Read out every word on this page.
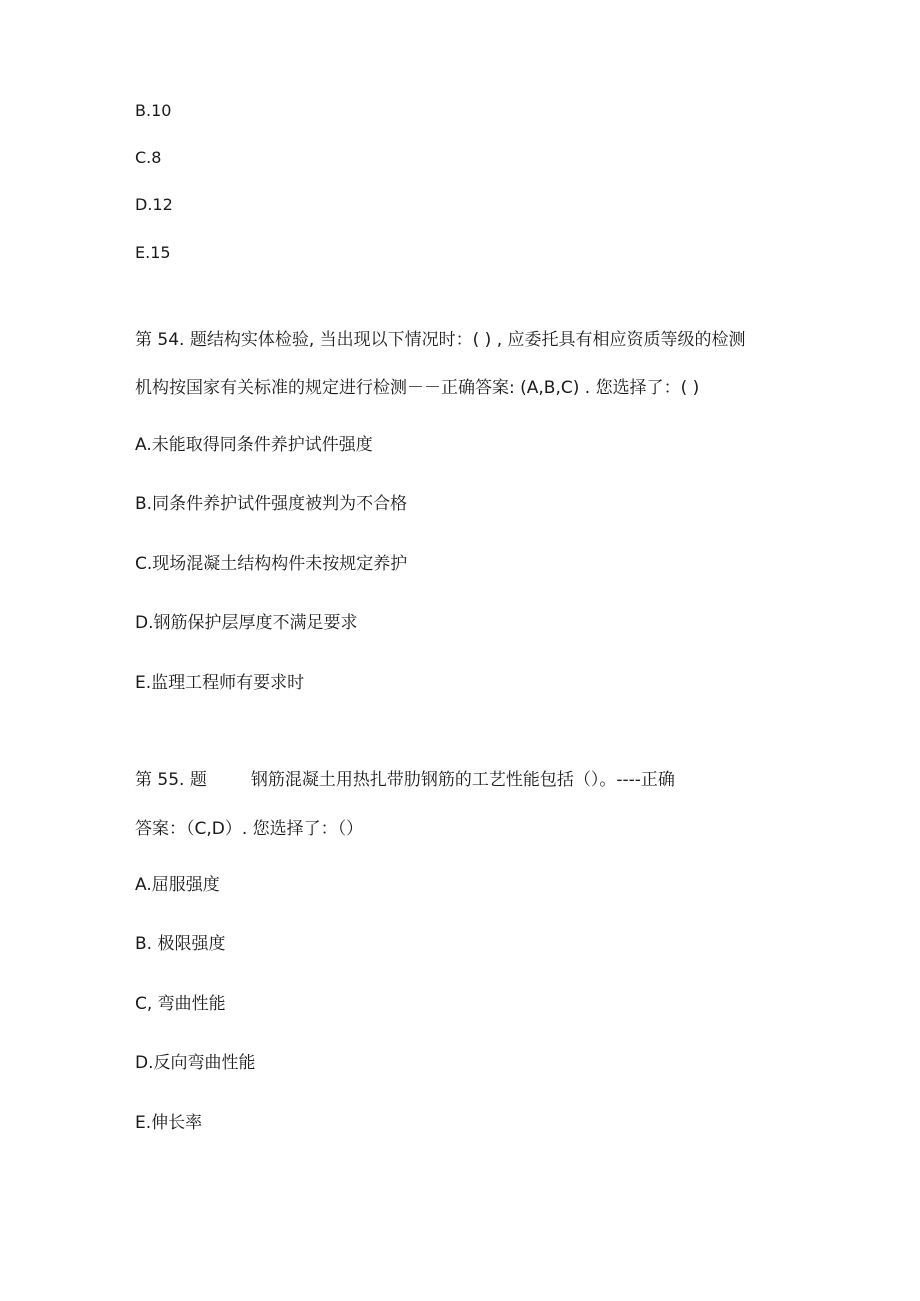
B.10
C.8
D.12
E.15
第 54. 题结构实体检验, 当出现以下情况时：( ) , 应委托具有相应资质等级的检测
机构按国家有关标准的规定进行检测－－正确答案: (A,B,C) . 您选择了：( )
A.未能取得同条件养护试件强度
B.同条件养护试件强度被判为不合格
C.现场混凝土结构构件未按规定养护
D.钢筋保护层厚度不满足要求
E.监理工程师有要求时
第 55. 题	钢筋混凝土用热扎带肋钢筋的工艺性能包括（）。----正确
答案：（C,D）. 您选择了：（）
A.屈服强度
B. 极限强度
C, 弯曲性能
D.反向弯曲性能
E.伸长率
